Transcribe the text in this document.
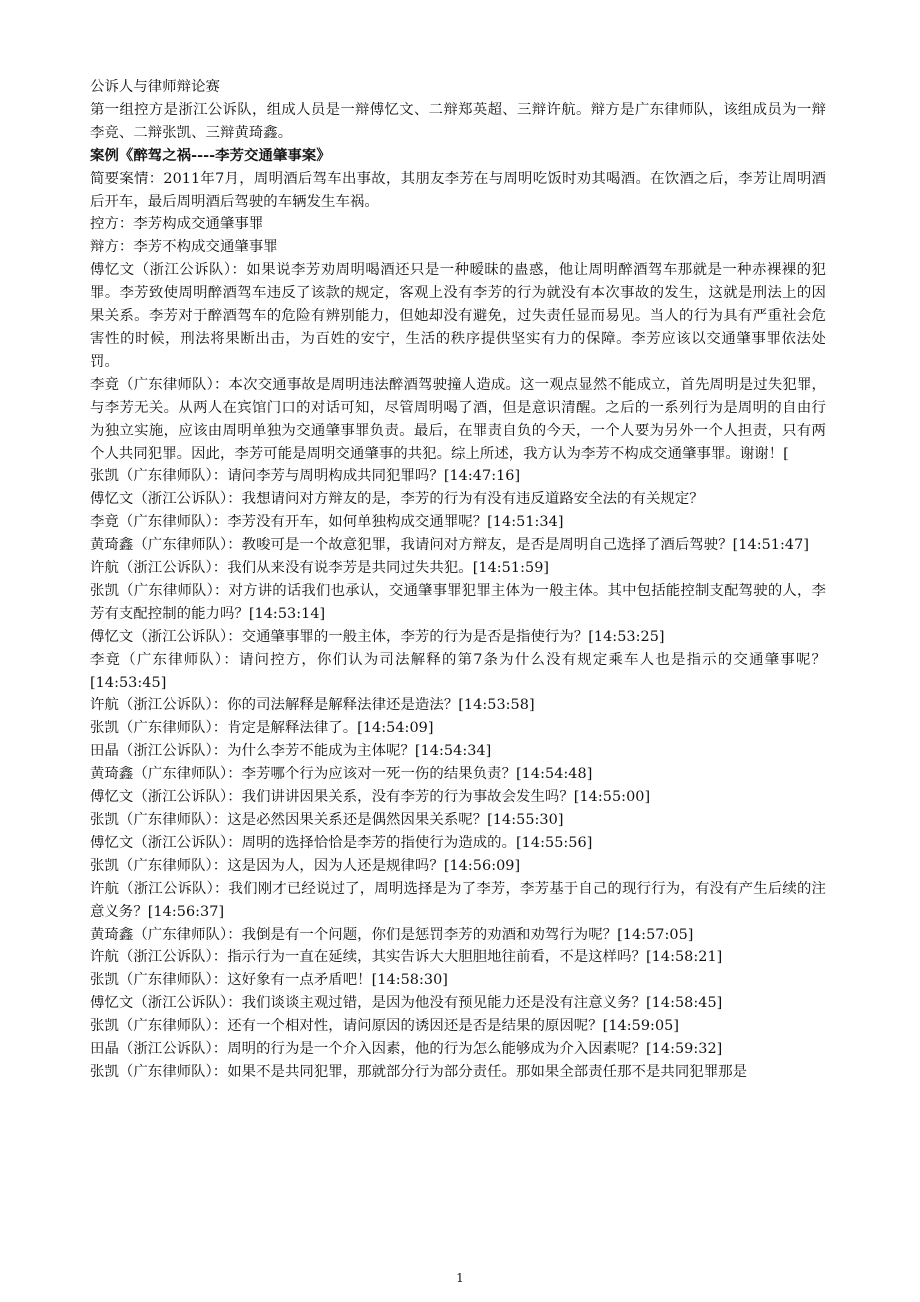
公诉人与律师辩论赛

第一组控方是浙江公诉队，组成人员是一辩傅忆文、二辩郑英超、三辩许航。辩方是广东律师队，该组成员为一辩李竞、二辩张凯、三辩黄琦鑫。

案例《醉驾之祸----李芳交通肇事案》

简要案情：2011年7月，周明酒后驾车出事故，其朋友李芳在与周明吃饭时劝其喝酒。在饮酒之后，李芳让周明酒后开车，最后周明酒后驾驶的车辆发生车祸。

控方：李芳构成交通肇事罪

辩方：李芳不构成交通肇事罪

傅忆文（浙江公诉队）：如果说李芳劝周明喝酒还只是一种暧昧的蛊惑，他让周明醉酒驾车那就是一种赤裸裸的犯罪。李芳致使周明醉酒驾车违反了该款的规定，客观上没有李芳的行为就没有本次事故的发生，这就是刑法上的因果关系。李芳对于醉酒驾车的危险有辨别能力，但她却没有避免，过失责任显而易见。当人的行为具有严重社会危害性的时候，刑法将果断出击，为百姓的安宁，生活的秩序提供坚实有力的保障。李芳应该以交通肇事罪依法处罚。

李竟（广东律师队）：本次交通事故是周明违法醉酒驾驶撞人造成。这一观点显然不能成立，首先周明是过失犯罪，与李芳无关。从两人在宾馆门口的对话可知，尽管周明喝了酒，但是意识清醒。之后的一系列行为是周明的自由行为独立实施，应该由周明单独为交通肇事罪负责。最后，在罪责自负的今天，一个人要为另外一个人担责，只有两个人共同犯罪。因此，李芳可能是周明交通肇事的共犯。综上所述，我方认为李芳不构成交通肇事罪。谢谢！[

张凯（广东律师队）：请问李芳与周明构成共同犯罪吗？[14:47:16]

傅忆文（浙江公诉队）：我想请问对方辩友的是，李芳的行为有没有违反道路安全法的有关规定？

李竟（广东律师队）：李芳没有开车，如何单独构成交通罪呢？[14:51:34]

黄琦鑫（广东律师队）：教唆可是一个故意犯罪，我请问对方辩友，是否是周明自己选择了酒后驾驶？[14:51:47]

许航（浙江公诉队）：我们从来没有说李芳是共同过失共犯。[14:51:59]

张凯（广东律师队）：对方讲的话我们也承认，交通肇事罪犯罪主体为一般主体。其中包括能控制支配驾驶的人，李芳有支配控制的能力吗？[14:53:14]

傅忆文（浙江公诉队）：交通肇事罪的一般主体，李芳的行为是否是指使行为？[14:53:25]

李竟（广东律师队）：请问控方，你们认为司法解释的第7条为什么没有规定乘车人也是指示的交通肇事呢？[14:53:45]

许航（浙江公诉队）：你的司法解释是解释法律还是造法？[14:53:58]

张凯（广东律师队）：肯定是解释法律了。[14:54:09]

田晶（浙江公诉队）：为什么李芳不能成为主体呢？[14:54:34]

黄琦鑫（广东律师队）：李芳哪个行为应该对一死一伤的结果负责？[14:54:48]

傅忆文（浙江公诉队）：我们讲讲因果关系，没有李芳的行为事故会发生吗？[14:55:00]

张凯（广东律师队）：这是必然因果关系还是偶然因果关系呢？[14:55:30]

傅忆文（浙江公诉队）：周明的选择恰恰是李芳的指使行为造成的。[14:55:56]

张凯（广东律师队）：这是因为人，因为人还是规律吗？[14:56:09]

许航（浙江公诉队）：我们刚才已经说过了，周明选择是为了李芳，李芳基于自己的现行行为，有没有产生后续的注意义务？[14:56:37]

黄琦鑫（广东律师队）：我倒是有一个问题，你们是惩罚李芳的劝酒和劝驾行为呢？[14:57:05]

许航（浙江公诉队）：指示行为一直在延续，其实告诉大大胆胆地往前看，不是这样吗？[14:58:21]

张凯（广东律师队）：这好象有一点矛盾吧！[14:58:30]

傅忆文（浙江公诉队）：我们谈谈主观过错，是因为他没有预见能力还是没有注意义务？[14:58:45]

张凯（广东律师队）：还有一个相对性，请问原因的诱因还是否是结果的原因呢？[14:59:05]

田晶（浙江公诉队）：周明的行为是一个介入因素，他的行为怎么能够成为介入因素呢？[14:59:32]

张凯（广东律师队）：如果不是共同犯罪，那就部分行为部分责任。那如果全部责任那不是共同犯罪那是

1
